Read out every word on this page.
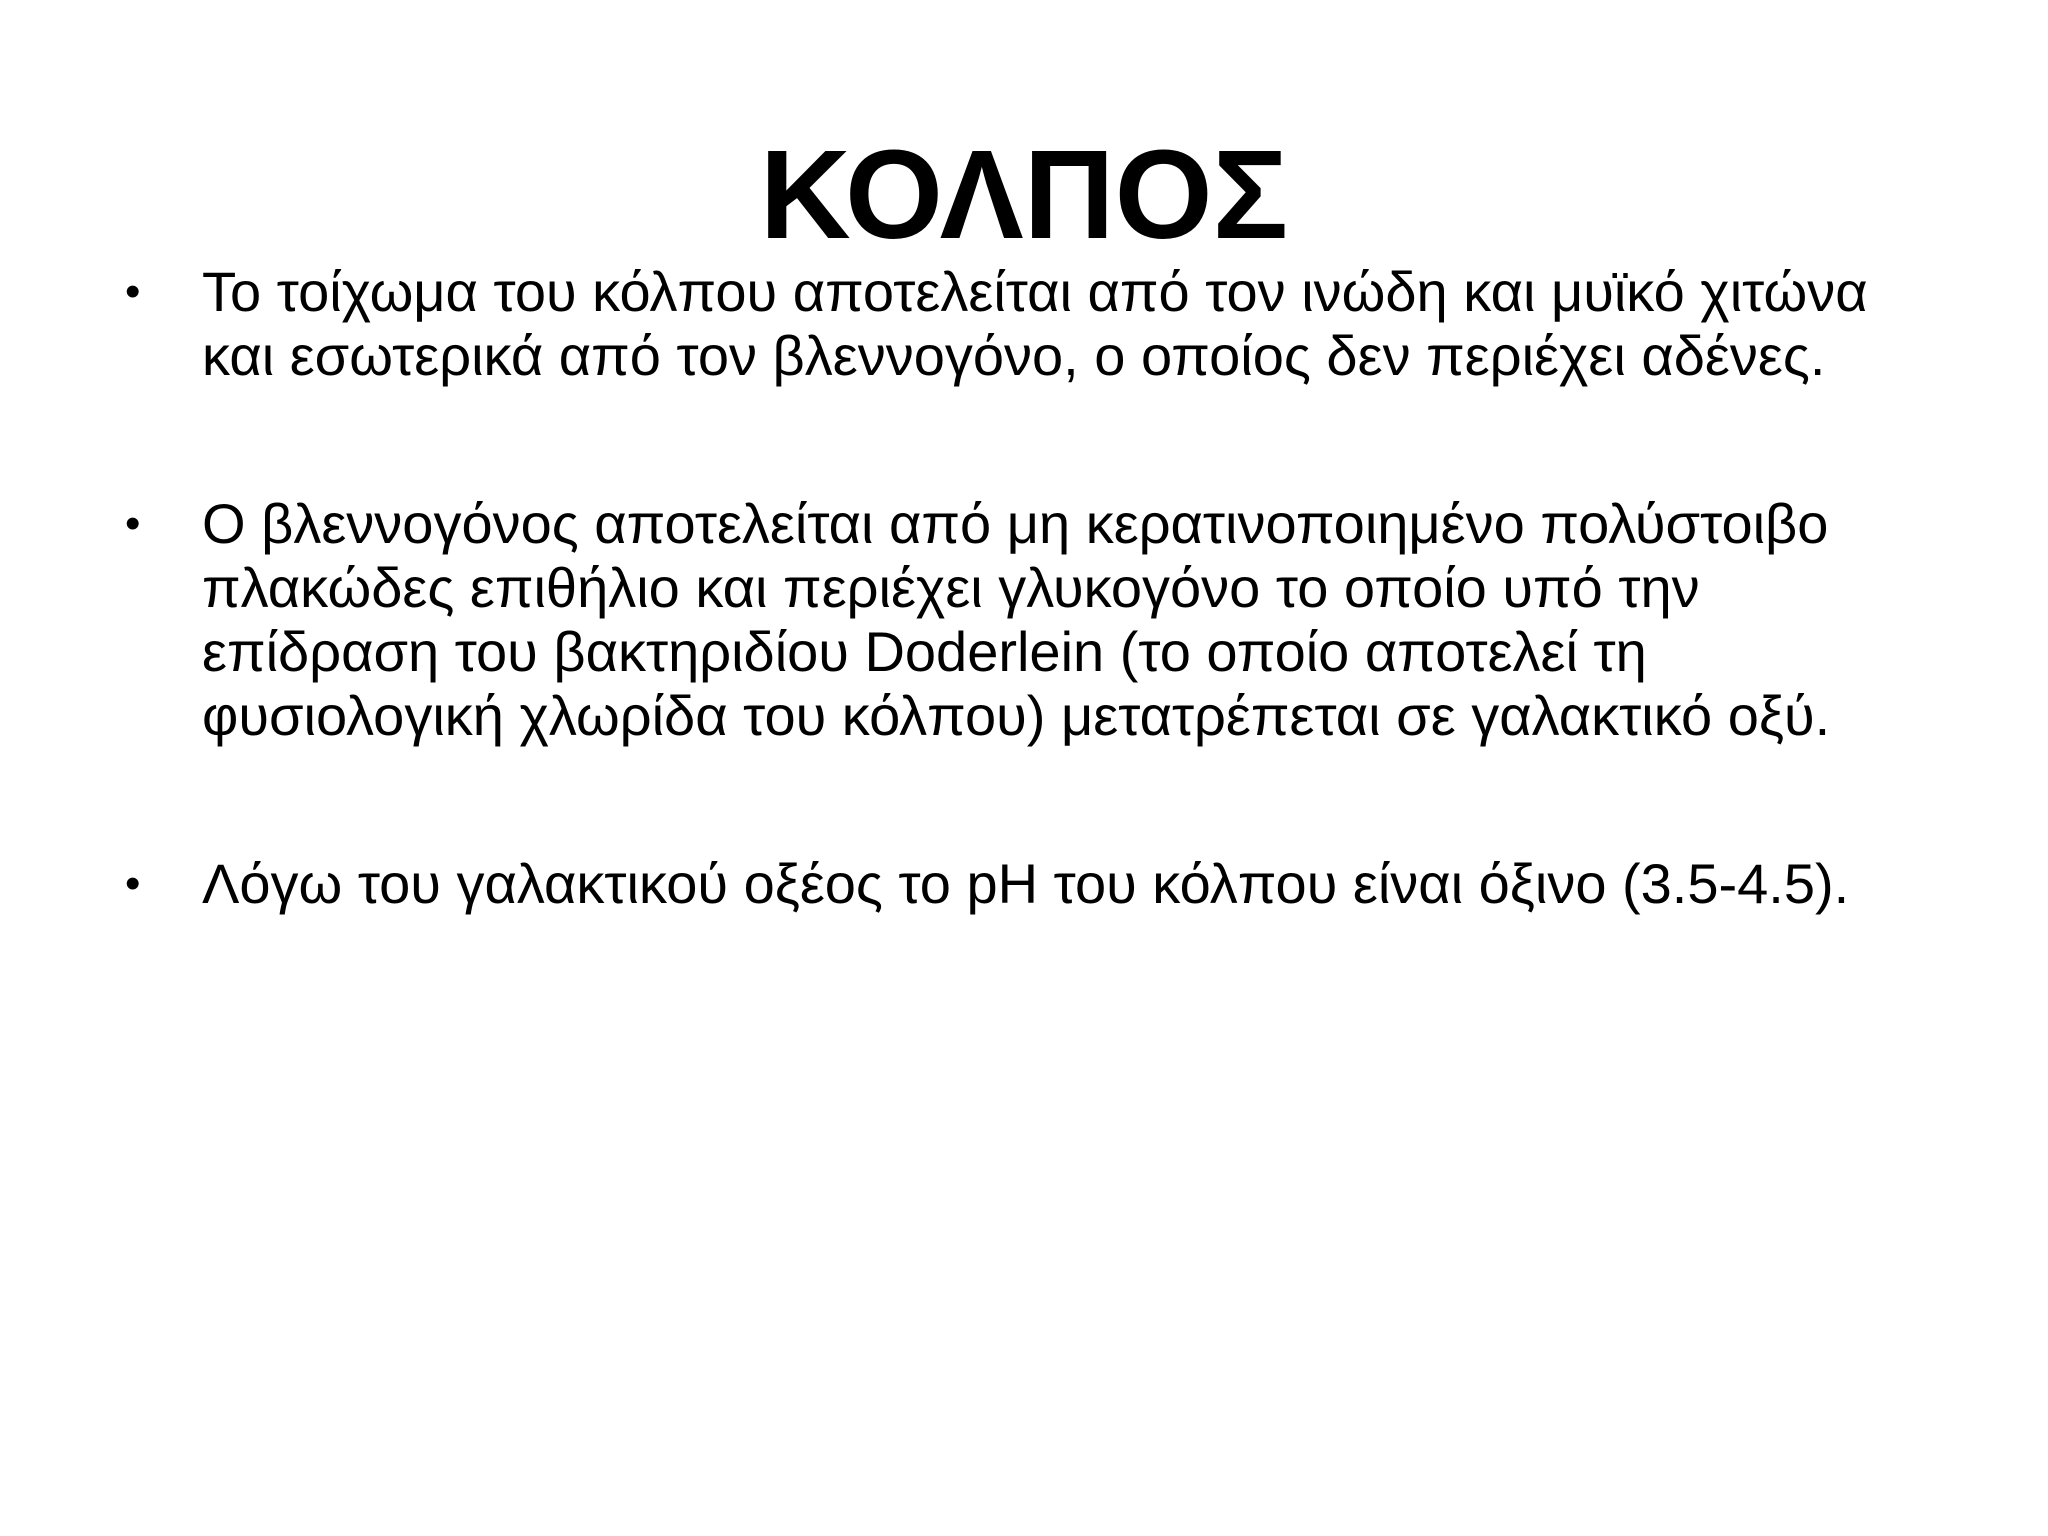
ΚΟΛΠΟΣ
• Το τοίχωμα του κόλπου αποτελείται από τον ινώδη και μυϊκό χιτώνα
και εσωτερικά από τον βλεννογόνο, ο οποίος δεν περιέχει αδένες.
• Ο βλεννογόνος αποτελείται από μη κερατινοποιημένο πολύστοιβο
πλακώδες επιθήλιο και περιέχει γλυκογόνο το οποίο υπό την
επίδραση του βακτηριδίου Doderlein (το οποίο αποτελεί τη
φυσιολογική χλωρίδα του κόλπου) μετατρέπεται σε γαλακτικό οξύ.
• Λόγω του γαλακτικού οξέος το pH του κόλπου είναι όξινο (3.5-4.5).
